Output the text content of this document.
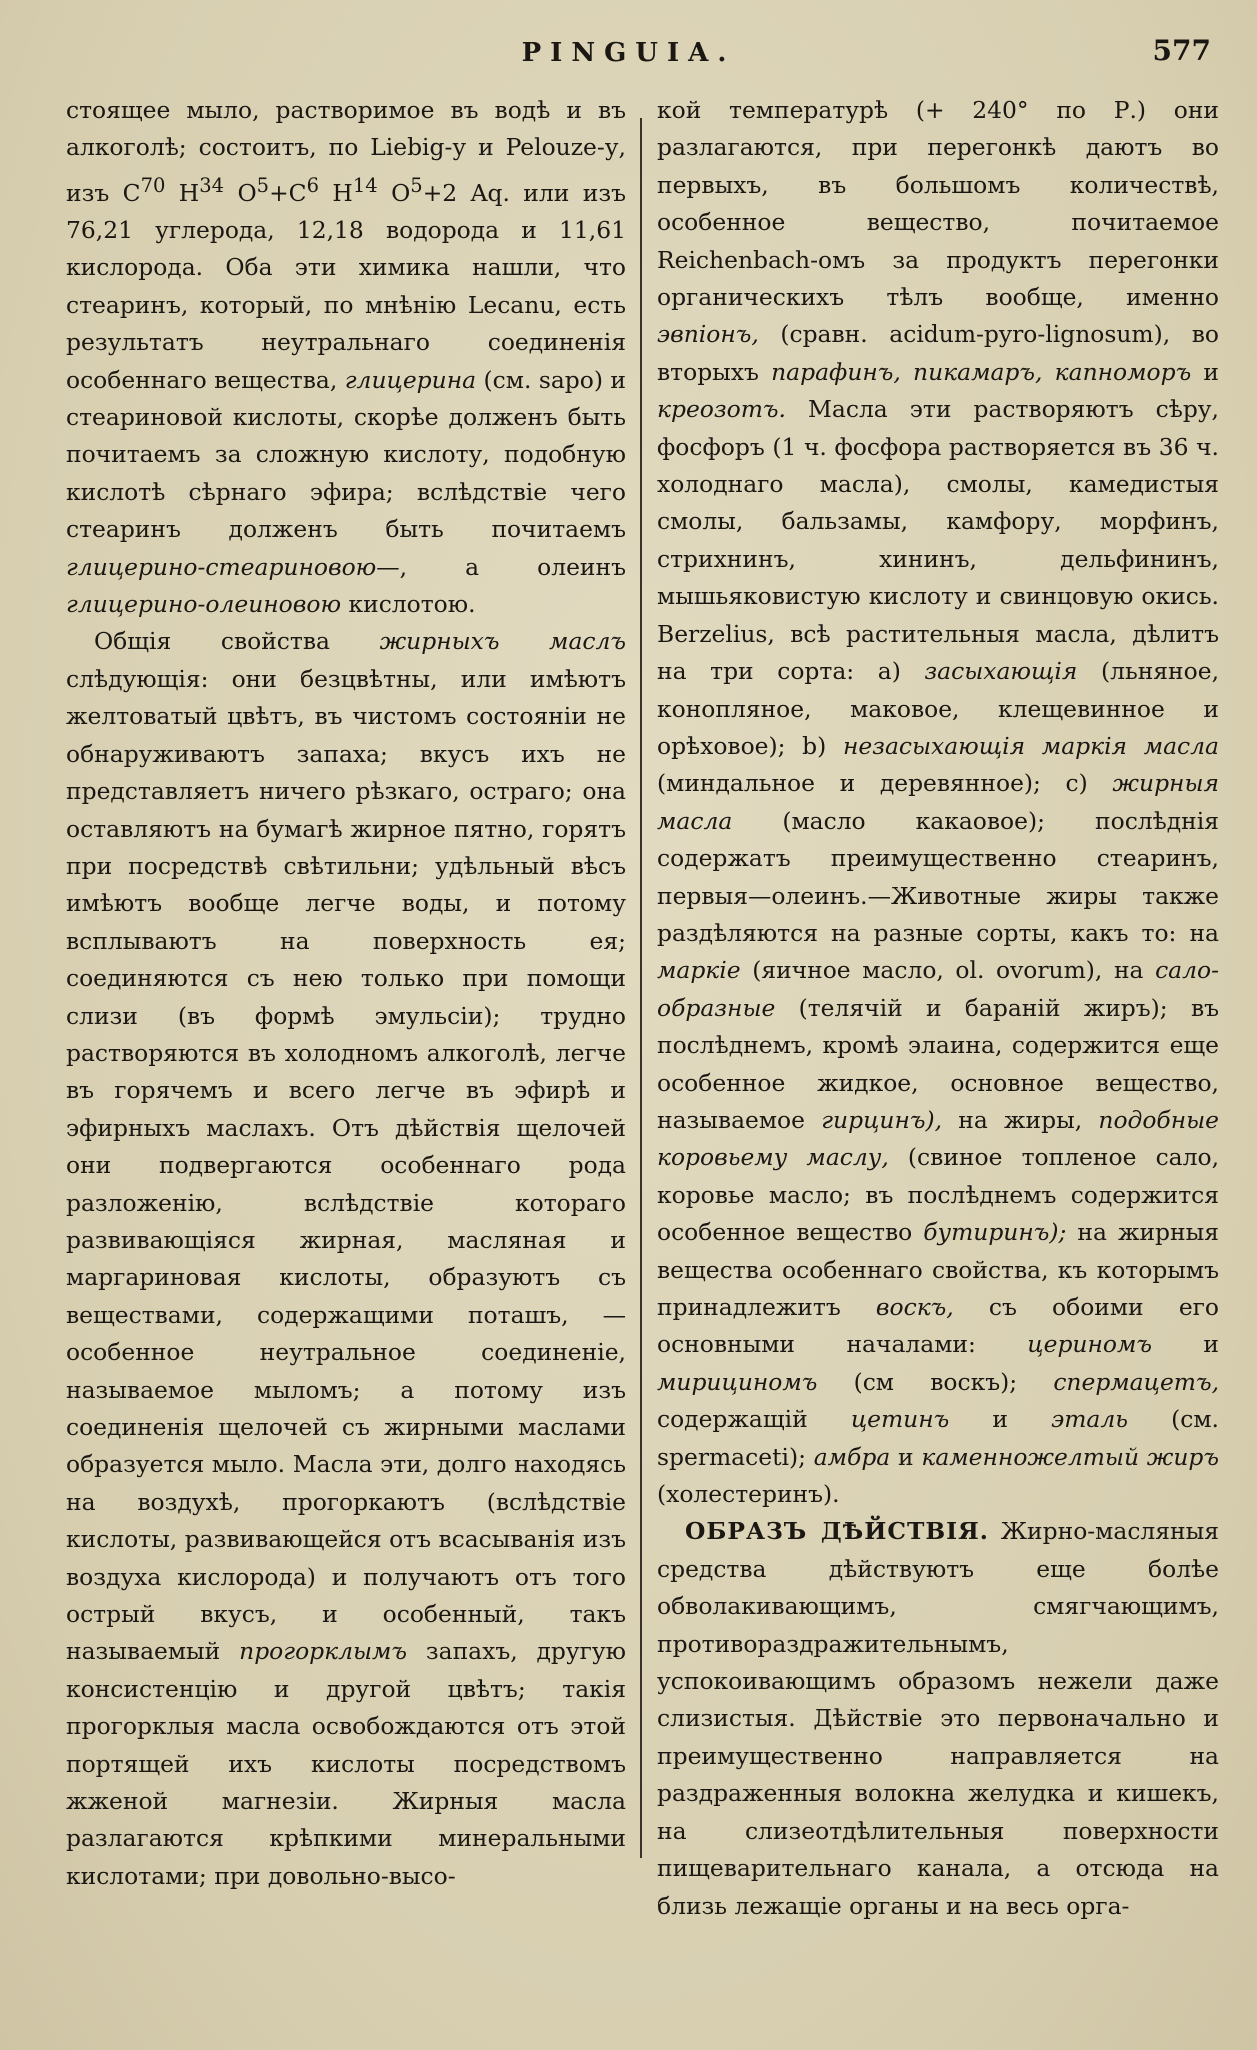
PINGUIA.	577

стоящее мыло, растворимое въ водѣ и въ алкоголѣ; состоитъ, по Liebig-у и Pelouze-у, изъ $C^{70}$ $H^{34}$ $O^5+C^6$ $H^{14}$ $O^5+2$ Aq. или изъ 76,21 углерода, 12,18 водорода и 11,61 кислорода. Оба эти химика нашли, что стеаринъ, который, по мнѣнію Lecanu, есть результатъ неутральнаго соединенія особеннаго вещества, глицерина (см. sapo) и стеариновой кислоты, скорѣе долженъ быть почитаемъ за сложную кислоту, подобную кислотѣ сѣрнаго эфира; вслѣдствіе чего стеаринъ долженъ быть почитаемъ глицерино-стеариновою—, а олеинъ глицерино-олеиновою кислотою.

Общія свойства жирныхъ маслъ слѣдующія: они безцвѣтны, или имѣютъ желтоватый цвѣтъ, въ чистомъ состояніи не обнаруживаютъ запаха; вкусъ ихъ не представляетъ ничего рѣзкаго, остраго; она оставляютъ на бумагѣ жирное пятно, горятъ при посредствѣ свѣтильни; удѣльный вѣсъ имѣютъ вообще легче воды, и потому всплываютъ на поверхность ея; соединяются съ нею только при помощи слизи (въ формѣ эмульсіи); трудно растворяются въ холодномъ алкоголѣ, легче въ горячемъ и всего легче въ эфирѣ и эфирныхъ маслахъ. Отъ дѣйствія щелочей они подвергаются особеннаго рода разложенію, вслѣдствіе котораго развивающіяся жирная, масляная и маргариновая кислоты, образуютъ съ веществами, содержащими поташъ, — особенное неутральное соединеніе, называемое мыломъ; а потому изъ соединенія щелочей съ жирными маслами образуется мыло. Масла эти, долго находясь на воздухѣ, прогоркаютъ (вслѣдствіе кислоты, развивающейся отъ всасыванія изъ воздуха кислорода) и получаютъ отъ того острый вкусъ, и особенный, такъ называемый прогорклымъ запахъ, другую консистенцію и другой цвѣтъ; такія прогорклыя масла освобождаются отъ этой портящей ихъ кислоты посредствомъ жженой магнезіи. Жирныя масла разлагаются крѣпкими минеральными кислотами; при довольно-высо-

кой температурѣ (+ 240° по Р.) они разлагаются, при перегонкѣ даютъ во первыхъ, въ большомъ количествѣ, особенное вещество, почитаемое Reichenbach-омъ за продуктъ перегонки органическихъ тѣлъ вообще, именно эвпіонъ, (сравн. acidum-pyro-lignosum), во вторыхъ парафинъ, пикамаръ, капноморъ и креозотъ. Масла эти растворяютъ сѣру, фосфоръ (1 ч. фосфора растворяется въ 36 ч. холоднаго масла), смолы, камедистыя смолы, бальзамы, камфору, морфинъ, стрихнинъ, хининъ, дельфининъ, мышьяковистую кислоту и свинцовую окись. Berzelius, всѣ растительныя масла, дѣлитъ на три сорта: а) засыхающія (льняное, конопляное, маковое, клещевинное и орѣховое); b) незасыхающія маркія масла (миндальное и деревянное); с) жирныя масла (масло какаовое); послѣднія содержатъ преимущественно стеаринъ, первыя—олеинъ.—Животные жиры также раздѣляются на разные сорты, какъ то: на маркіе (яичное масло, ol. ovorum), на сало-образные (телячій и бараній жиръ); въ послѣднемъ, кромѣ элаина, содержится еще особенное жидкое, основное вещество, называемое гирцинъ), на жиры, подобные коровьему маслу, (свиное топленое сало, коровье масло; въ послѣднемъ содержится особенное вещество бутиринъ); на жирныя вещества особеннаго свойства, къ которымъ принадлежитъ воскъ, съ обоими его основными началами: цериномъ и мирициномъ (см воскъ); спермацетъ, содержащій цетинъ и эталь (см. spermaceti); амбра и каменножелтый жиръ (холестеринъ).

ОБРАЗЪ ДѢЙСТВІЯ. Жирно-масляныя средства дѣйствуютъ еще болѣе обволакивающимъ, смягчающимъ, противораздражительнымъ, успокоивающимъ образомъ нежели даже слизистыя. Дѣйствіе это первоначально и преимущественно направляется на раздраженныя волокна желудка и кишекъ, на слизеотдѣлительныя поверхности пищеварительнаго канала, а отсюда на близь лежащіе органы и на весь орга-
